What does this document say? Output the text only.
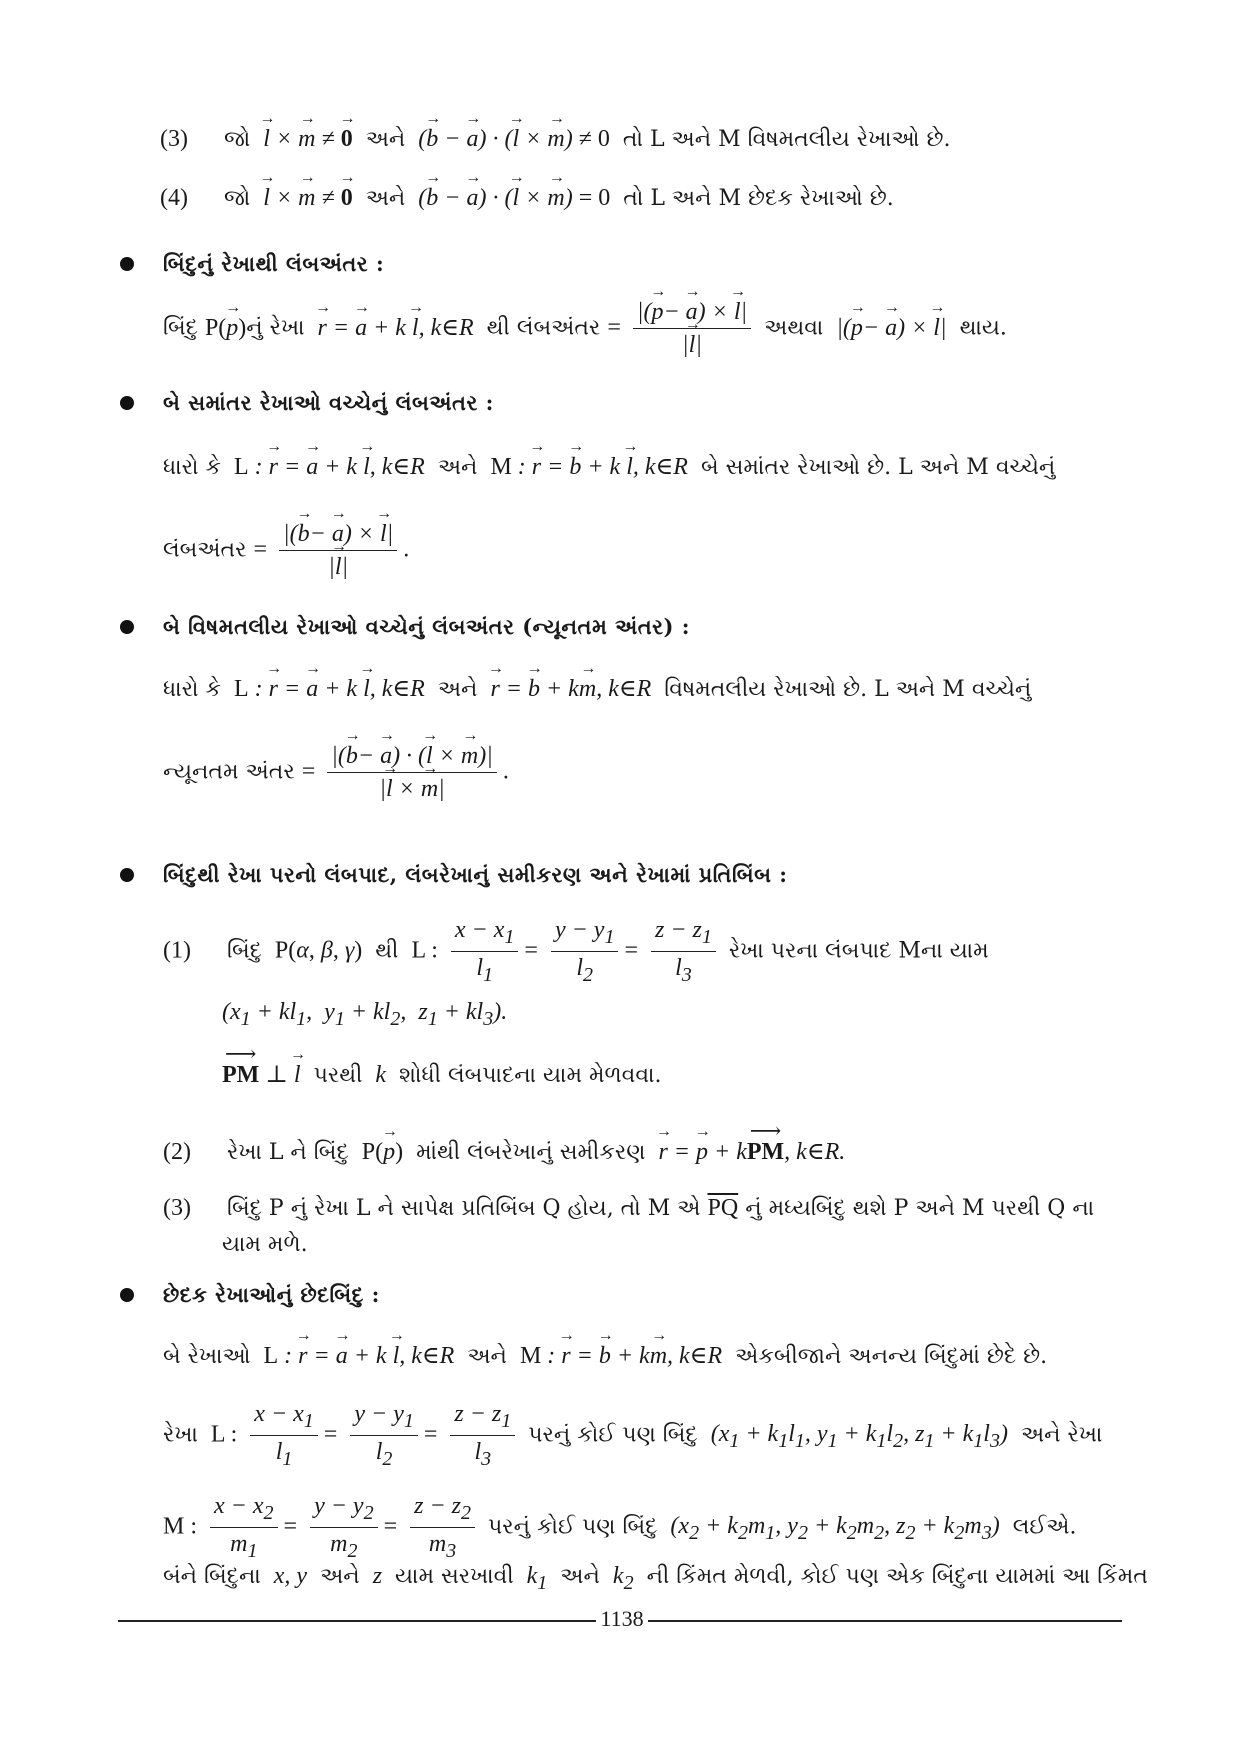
(3) જો → l × → m ≠ → 0 અને  (→ b − → a) · (→ l × → m) ≠ 0 તો L અને M વિષમતલીય રેખાઓ છે.
(4) જો → l × → m ≠ → 0 અને  (→ b − → a) · (→ l × → m) = 0 તો L અને M છેદક રેખાઓ છે.
બિંદુનું રેખાથી લંબઅંતર :
બિંદુ P(→ p)નું રેખા → r = → a + k → l, k∈R  થી લંબઅંતર = $\frac{|(\to p- \to a) \times \to l|}{|\to l|}$ અથવા  |(→ p− → a) × → l|  થાય.
બે સમાંતર રેખાઓ વચ્ચેનું લંબઅંતર :
ધારો કે L : → r = → a + k → l, k∈R  અને M : → r = → b + k → l, k∈R  બે સમાંતર રેખાઓ છે. L અને M વચ્ચેનું
લંબઅંતર = $\frac{|(\to b- \to a) \times \to l|}{|\to l|}$ .
બે વિષમતલીય રેખાઓ વચ્ચેનું લંબઅંતર (ન્યૂનતમ અંતર) :
ધારો કે L : → r = → a + k → l, k∈R  અને → r = → b + k→ m, k∈R  વિષમતલીય રેખાઓ છે. L અને M વચ્ચેનું
ન્યૂનતમ અંતર = $\frac{|(\to b- \to a) \cdot (\to l \times \to m)|}{|\to l \times \to m|}$ .
બિંદુથી રેખા પરનો લંબપાદ, લંબરેખાનું સમીકરણ અને રેખામાં પ્રતિબિંબ :
(1) બિંદુ  P(α, β, γ)  થી  L : $\frac{x - x_1}{l_1} = \frac{y - y_1}{l_2} = \frac{z - z_1}{l_3}$ રેખા પરના લંબપાદ Mના યામ
($x_1 + kl_1$,  $y_1 + kl_2$,  $z_1 + kl_3$).
⟶ PM ⊥ → l પરથી  k  શોધી લંબપાદના યામ મેળવવા.
(2) રેખા L ને બિંદુ  P(→ p)  માંથી લંબરેખાનું સમીકરણ → r = → p + k⟶ PM, k∈R.
(3) બિંદુ P નું રેખા L ને સાપેક્ષ પ્રતિબિંબ Q હોય, તો M એ $\overline{PQ}$ નું મધ્યબિંદુ થશે P અને M પરથી Q ના
યામ મળે.
છેદક રેખાઓનું છેદબિંદુ :
બે રેખાઓ L : → r = → a + k → l, k∈R  અને M : → r = → b + k→ m, k∈R  એકબીજાને અનન્ય બિંદુમાં છેદે છે.
રેખા  L : $\frac{x - x_1}{l_1} = \frac{y - y_1}{l_2} = \frac{z - z_1}{l_3}$ પરનું કોઈ પણ બિંદુ  ($x_1 + k_1l_1$, $y_1 + k_1l_2$, $z_1 + k_1l_3$)  અને રેખા
M : $\frac{x - x_2}{m_1} = \frac{y - y_2}{m_2} = \frac{z - z_2}{m_3}$ પરનું કોઈ પણ બિંદુ  ($x_2 + k_2m_1$, $y_2 + k_2m_2$, $z_2 + k_2m_3$)  લઈએ.
બંને બિંદુના  x, y  અને  z  યામ સરખાવી  $k_1$ અને  $k_2$ ની કિંમત મેળવી, કોઈ પણ એક બિંદુના યામમાં આ કિંમત
1138
